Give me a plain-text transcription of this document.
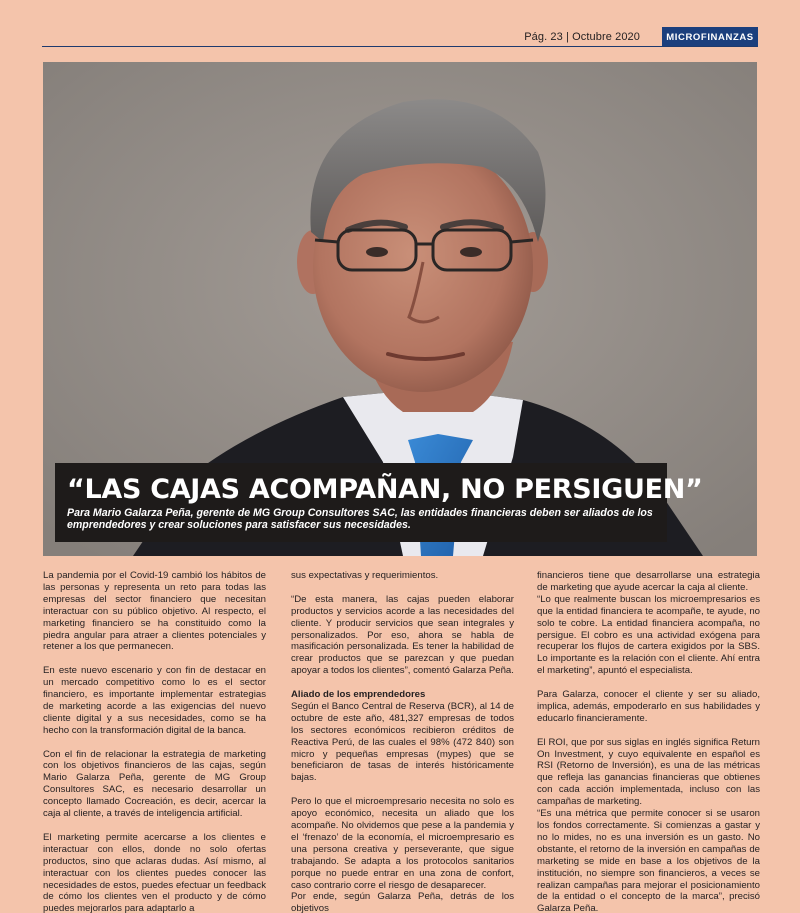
Pág. 23 | Octubre 2020	MICROFINANZAS
“LAS CAJAS ACOMPAÑAN, NO PERSIGUEN”
Para Mario Galarza Peña, gerente de MG Group Consultores SAC, las entidades financieras deben ser aliados de los emprendedores y crear soluciones para satisfacer sus necesidades.

La pandemia por el Covid-19 cambió los hábitos de las personas y representa un reto para todas las empresas del sector financiero que necesitan interactuar con su público objetivo. Al respecto, el marketing financiero se ha constituido como la piedra angular para atraer a clientes potenciales y retener a los que permanecen.

En este nuevo escenario y con fin de destacar en un mercado competitivo como lo es el sector financiero, es importante implementar estrategias de marketing acorde a las exigencias del nuevo cliente digital y a sus necesidades, como se ha hecho con la transformación digital de la banca.

Con el fin de relacionar la estrategia de marketing con los objetivos financieros de las cajas, según Mario Galarza Peña, gerente de MG Group Consultores SAC, es necesario desarrollar un concepto llamado Cocreación, es decir, acercar la caja al cliente, a través de inteligencia artificial.

El marketing permite acercarse a los clientes e interactuar con ellos, donde no solo ofertas productos, sino que aclaras dudas. Así mismo, al interactuar con los clientes puedes conocer las necesidades de estos, puedes efectuar un feedback de cómo los clientes ven el producto y de cómo puedes mejorarlos para adaptarlo a

sus expectativas y requerimientos.

“De esta manera, las cajas pueden elaborar productos y servicios acorde a las necesidades del cliente. Y producir servicios que sean integrales y personalizados. Por eso, ahora se habla de masificación personalizada. Es tener la habilidad de crear productos que se parezcan y que puedan apoyar a todos los clientes”, comentó Galarza Peña.

Aliado de los emprendedores

Según el Banco Central de Reserva (BCR), al 14 de octubre de este año, 481,327 empresas de todos los sectores económicos recibieron créditos de Reactiva Perú, de las cuales el 98% (472 840) son micro y pequeñas empresas (mypes) que se beneficiaron de tasas de interés históricamente bajas.

Pero lo que el microempresario necesita no solo es apoyo económico, necesita un aliado que los acompañe. No olvidemos que pese a la pandemia y el ‘frenazo’ de la economía, el microempresario es una persona creativa y perseverante, que sigue trabajando. Se adapta a los protocolos sanitarios porque no puede entrar en una zona de confort, caso contrario corre el riesgo de desaparecer.

Por ende, según Galarza Peña, detrás de los objetivos

financieros tiene que desarrollarse una estrategia de marketing que ayude acercar la caja al cliente.

“Lo que realmente buscan los microempresarios es que la entidad financiera te acompañe, te ayude, no solo te cobre. La entidad financiera acompaña, no persigue. El cobro es una actividad exógena para recuperar los flujos de cartera exigidos por la SBS. Lo importante es la relación con el cliente. Ahí entra el marketing”, apuntó el especialista.

Para Galarza, conocer el cliente y ser su aliado, implica, además, empoderarlo en sus habilidades y educarlo financieramente.

El ROI, que por sus siglas en inglés significa Return On Investment, y cuyo equivalente en español es RSI (Retorno de Inversión), es una de las métricas que refleja las ganancias financieras que obtienes con cada acción implementada, incluso con las campañas de marketing.

“Es una métrica que permite conocer si se usaron los fondos correctamente. Si comienzas a gastar y no lo mides, no es una inversión es un gasto. No obstante, el retorno de la inversión en campañas de marketing se mide en base a los objetivos de la institución, no siempre son financieros, a veces se realizan campañas para mejorar el posicionamiento de la entidad o el concepto de la marca”, precisó Galarza Peña.
